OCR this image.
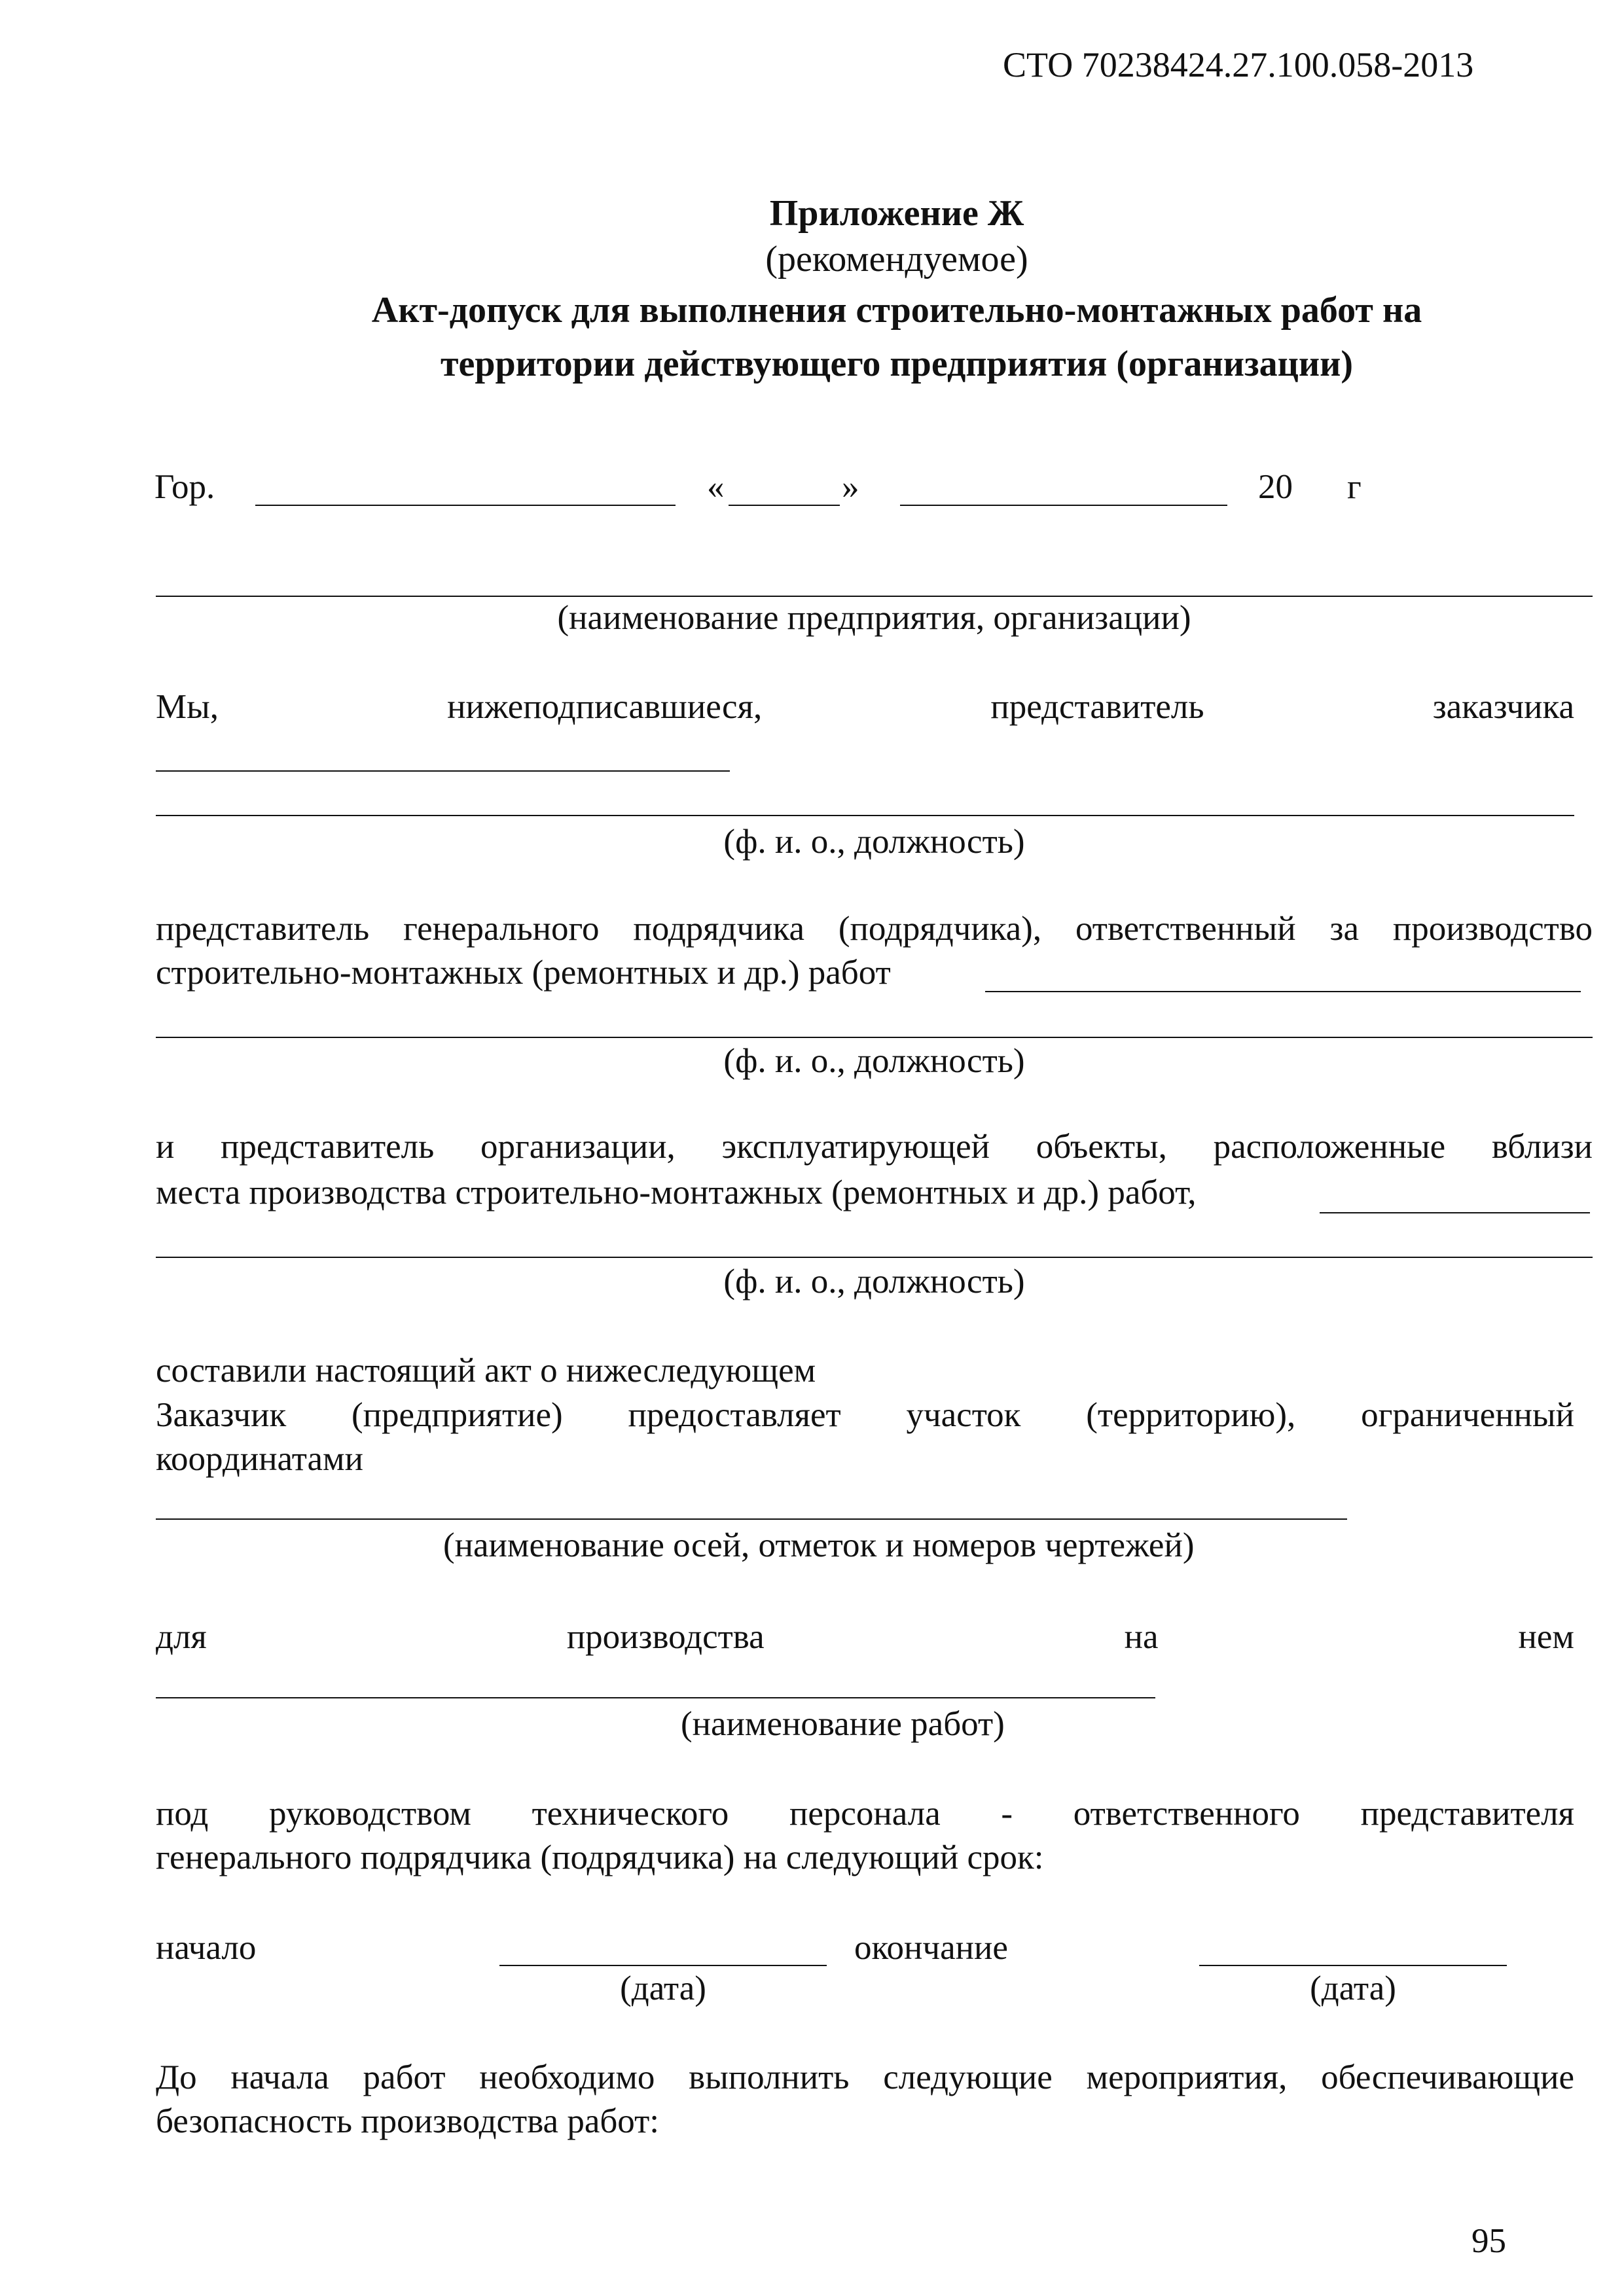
СТО 70238424.27.100.058-2013
Приложение Ж
(рекомендуемое)
Акт-допуск для выполнения строительно-монтажных работ на
территории действующего предприятия (организации)
Гор.	«	»	20 г
(наименование предприятия, организации)
Мы,	нижеподписавшиеся,	представитель	заказчика
(ф. и. о., должность)
представитель генерального подрядчика (подрядчика), ответственный за производство
строительно-монтажных (ремонтных и др.) работ
(ф. и. о., должность)
и представитель организации, эксплуатирующей объекты, расположенные вблизи
места производства строительно-монтажных (ремонтных и др.) работ,
(ф. и. о., должность)
составили настоящий акт о нижеследующем
Заказчик (предприятие) предоставляет участок (территорию), ограниченный
координатами
(наименование осей, отметок и номеров чертежей)
для	производства	на	нем
(наименование работ)
под руководством технического персонала - ответственного представителя
генерального подрядчика (подрядчика) на следующий срок:
начало	окончание
(дата)	(дата)
До начала работ необходимо выполнить следующие мероприятия, обеспечивающие
безопасность производства работ:
95
